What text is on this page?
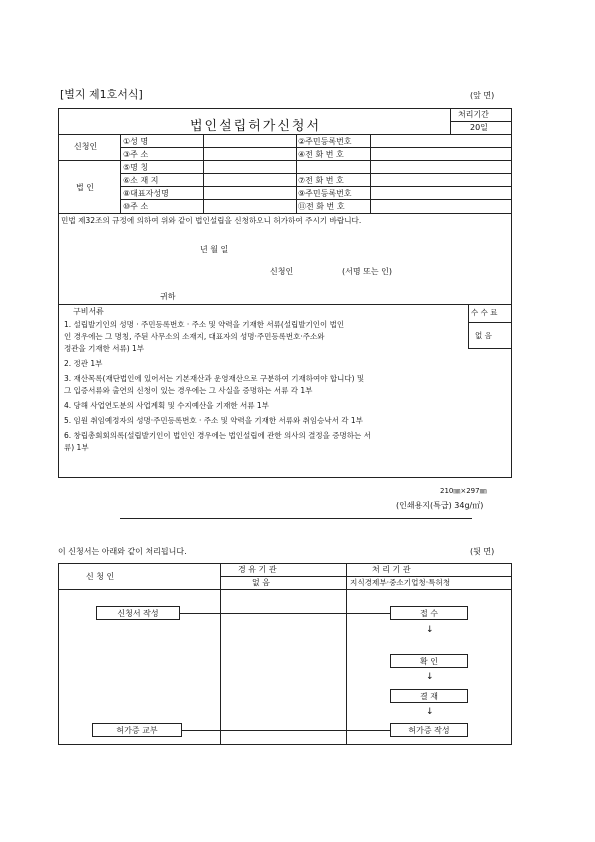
[별지 제1호서식]	(앞 면)
법인설립허가신청서
처리기간
20일
신청인
①성 명	②주민등록번호
③주 소	④전 화 번 호
법 인
⑤명 칭
⑥소 재 지	⑦전 화 번 호
⑧대표자성명	⑨주민등록번호
⑩주 소	⑪전 화 번 호
민법 제32조의 규정에 의하여 위와 같이 법인설립을 신청하오니 허가하여 주시기 바랍니다.
년 월 일
신청인	(서명 또는 인)
귀하
수 수 료
없 음
구비서류
1. 설립발기인의 성명 · 주민등록번호 · 주소 및 약력을 기재한 서류(설립발기인이 법인
인 경우에는 그 명칭, 주된 사무소의 소재지, 대표자의 성명·주민등록번호·주소와
정관을 기재한 서류) 1부
2. 정관 1부
3. 재산목록(재단법인에 있어서는 기본재산과 운영재산으로 구분하여 기재하여야 합니다) 및
그 입증서류와 출연의 신청이 있는 경우에는 그 사실을 증명하는 서류 각 1부
4. 당해 사업연도분의 사업계획 및 수지예산을 기재한 서류 1부
5. 임원 취임예정자의 성명·주민등록번호 · 주소 및 약력을 기재한 서류와 취임승낙서 각 1부
6. 창립총회회의록(설립발기인이 법인인 경우에는 법인설립에 관한 의사의 결정을 증명하는 서
류) 1부
210㎜×297㎜
(인쇄용지(특급) 34g/㎡)
이 신청서는 아래와 같이 처리됩니다.	(뒷 면)
신 청 인
경 유 기 관
없 음
처 리 기 관
지식경제부·중소기업청·특허청
신청서 작성
허가증 교부
접 수
↓
확 인
↓
결 재
↓
허가증 작성
